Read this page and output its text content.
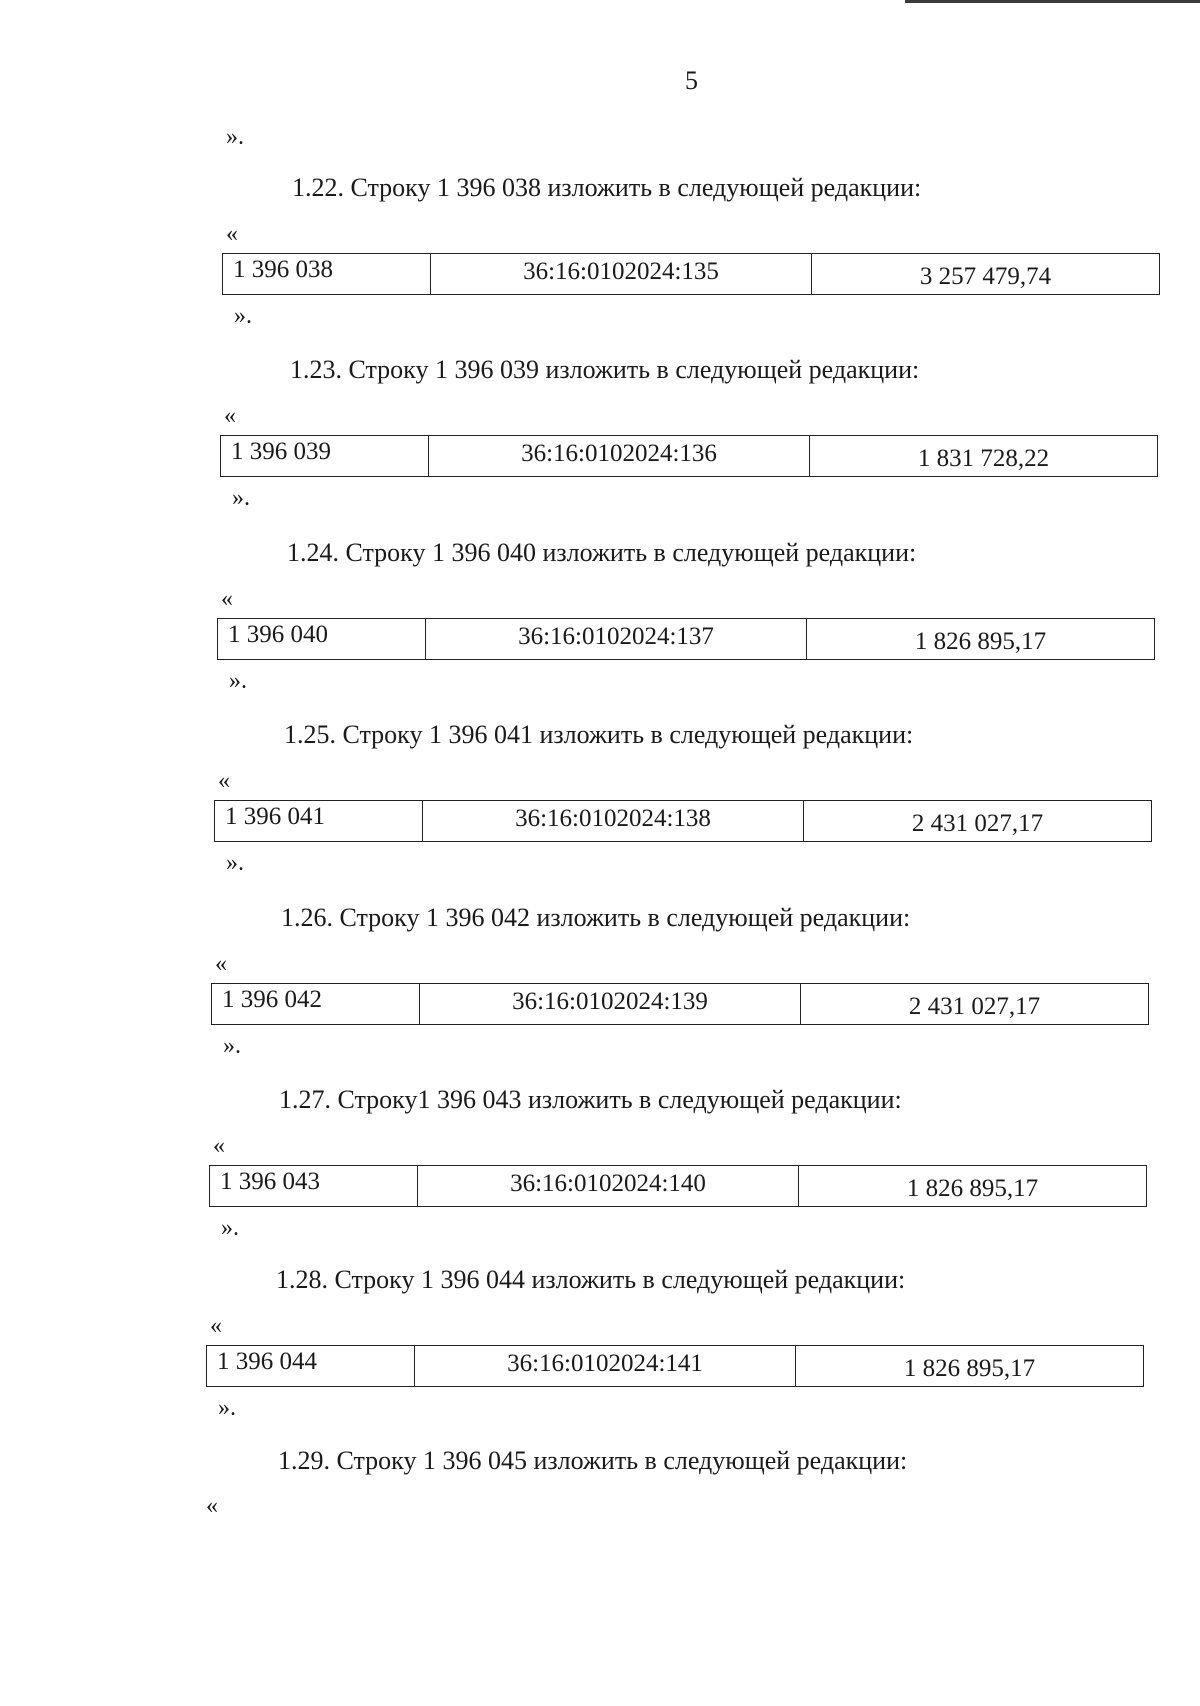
5
».
1.22. Строку 1 396 038 изложить в следующей редакции:
«
1 396 038	36:16:0102024:135	3 257 479,74
».
1.23. Строку 1 396 039 изложить в следующей редакции:
«
1 396 039	36:16:0102024:136	1 831 728,22
».
1.24. Строку 1 396 040 изложить в следующей редакции:
«
1 396 040	36:16:0102024:137	1 826 895,17
».
1.25. Строку 1 396 041 изложить в следующей редакции:
«
1 396 041	36:16:0102024:138	2 431 027,17
».
1.26. Строку 1 396 042 изложить в следующей редакции:
«
1 396 042	36:16:0102024:139	2 431 027,17
».
1.27. Строку1 396 043 изложить в следующей редакции:
«
1 396 043	36:16:0102024:140	1 826 895,17
».
1.28. Строку 1 396 044 изложить в следующей редакции:
«
1 396 044	36:16:0102024:141	1 826 895,17
».
1.29. Строку 1 396 045 изложить в следующей редакции:
«
